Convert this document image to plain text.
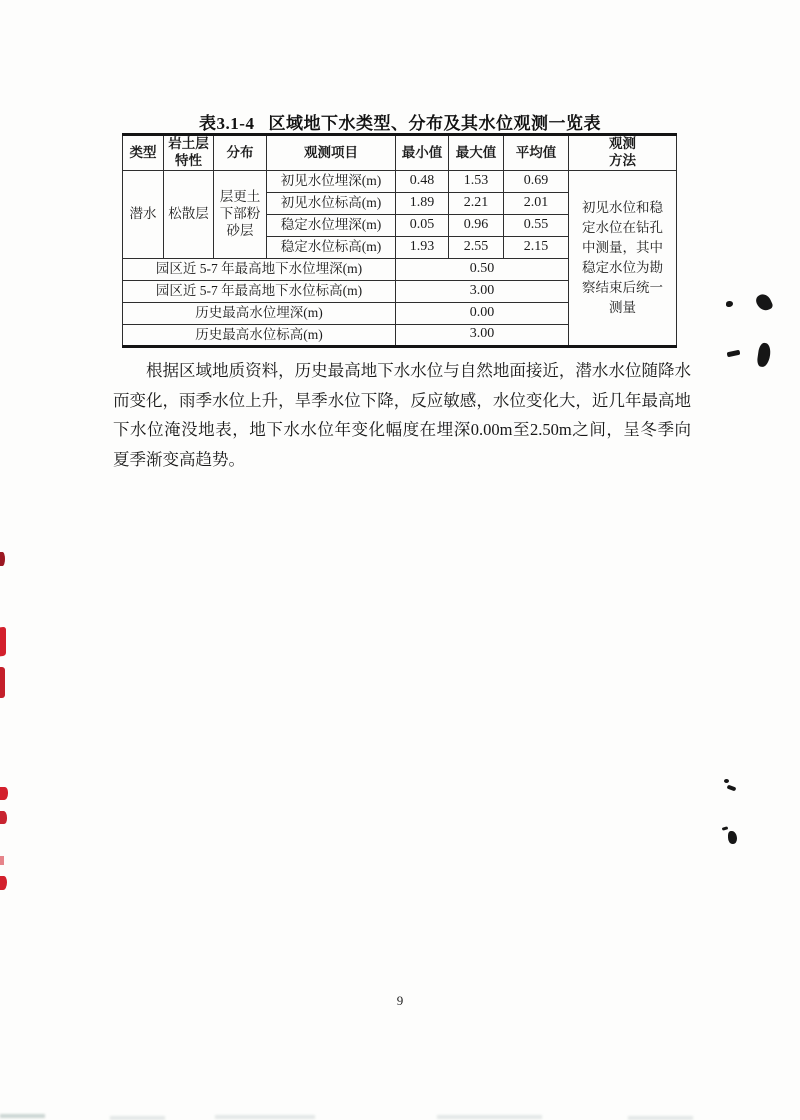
表3.1-4 区域地下水类型、分布及其水位观测一览表
类型	岩土层特性	分布	观测项目	最小值	最大值	平均值	观测方法
潜水	松散层	层更土下部粉砂层	初见水位埋深(m)	0.48	1.53	0.69	初见水位和稳定水位在钻孔中测量，其中稳定水位为勘察结束后统一测量
			初见水位标高(m)	1.89	2.21	2.01	
			稳定水位埋深(m)	0.05	0.96	0.55	
			稳定水位标高(m)	1.93	2.55	2.15	
园区近 5-7 年最高地下水位埋深(m)				0.50			
园区近 5-7 年最高地下水位标高(m)				3.00			
历史最高水位埋深(m)				0.00			
历史最高水位标高(m)				3.00			

根据区域地质资料，历史最高地下水水位与自然地面接近，潜水水位随降水而变化，雨季水位上升，旱季水位下降，反应敏感，水位变化大，近几年最高地下水位淹没地表，地下水水位年变化幅度在埋深0.00m至2.50m之间，呈冬季向夏季渐变高趋势。

9
